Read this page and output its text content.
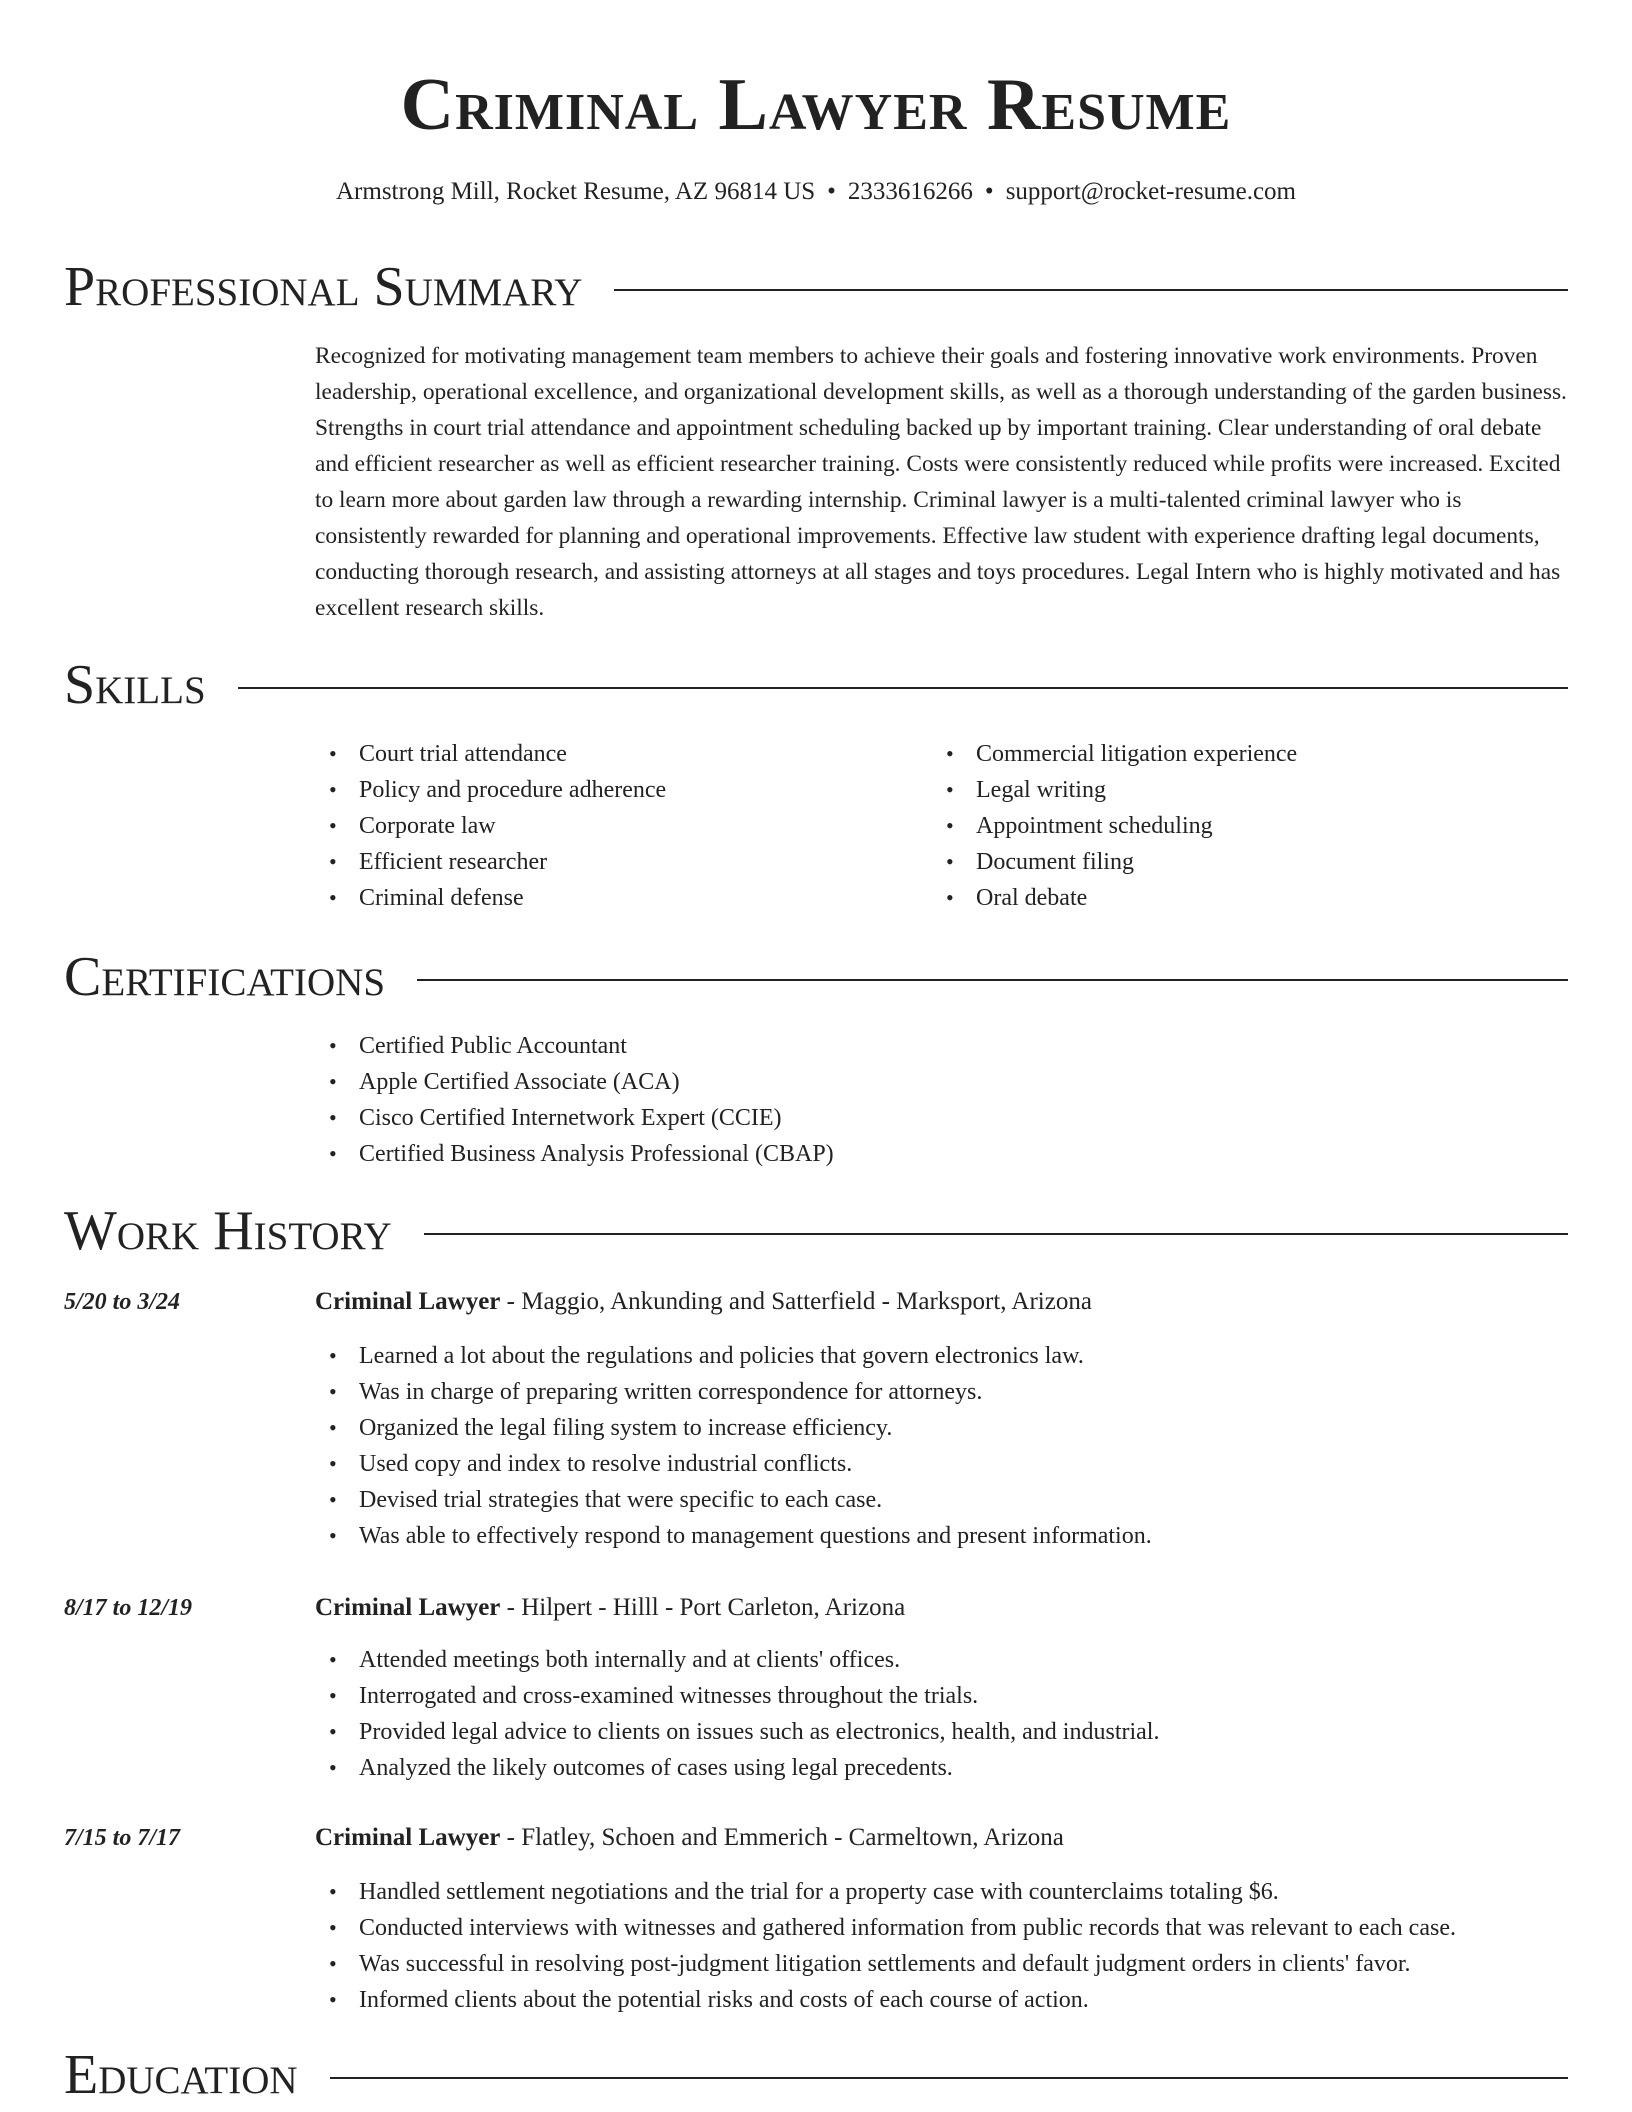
Criminal Lawyer Resume
Armstrong Mill, Rocket Resume, AZ 96814 US • 2333616266 • support@rocket-resume.com
Professional Summary

Recognized for motivating management team members to achieve their goals and fostering innovative work environments. Proven leadership, operational excellence, and organizational development skills, as well as a thorough understanding of the garden business. Strengths in court trial attendance and appointment scheduling backed up by important training. Clear understanding of oral debate and efficient researcher as well as efficient researcher training. Costs were consistently reduced while profits were increased. Excited to learn more about garden law through a rewarding internship. Criminal lawyer is a multi-talented criminal lawyer who is consistently rewarded for planning and operational improvements. Effective law student with experience drafting legal documents, conducting thorough research, and assisting attorneys at all stages and toys procedures. Legal Intern who is highly motivated and has excellent research skills.

Skills
• Court trial attendance
• Policy and procedure adherence
• Corporate law
• Efficient researcher
• Criminal defense
• Commercial litigation experience
• Legal writing
• Appointment scheduling
• Document filing
• Oral debate
Certifications
• Certified Public Accountant
• Apple Certified Associate (ACA)
• Cisco Certified Internetwork Expert (CCIE)
• Certified Business Analysis Professional (CBAP)
Work History
5/20 to 3/24	Criminal Lawyer - Maggio, Ankunding and Satterfield - Marksport, Arizona
• Learned a lot about the regulations and policies that govern electronics law.
• Was in charge of preparing written correspondence for attorneys.
• Organized the legal filing system to increase efficiency.
• Used copy and index to resolve industrial conflicts.
• Devised trial strategies that were specific to each case.
• Was able to effectively respond to management questions and present information.
8/17 to 12/19	Criminal Lawyer - Hilpert - Hilll - Port Carleton, Arizona
• Attended meetings both internally and at clients' offices.
• Interrogated and cross-examined witnesses throughout the trials.
• Provided legal advice to clients on issues such as electronics, health, and industrial.
• Analyzed the likely outcomes of cases using legal precedents.
7/15 to 7/17	Criminal Lawyer - Flatley, Schoen and Emmerich - Carmeltown, Arizona
• Handled settlement negotiations and the trial for a property case with counterclaims totaling $6.
• Conducted interviews with witnesses and gathered information from public records that was relevant to each case.
• Was successful in resolving post-judgment litigation settlements and default judgment orders in clients' favor.
• Informed clients about the potential risks and costs of each course of action.
Education
